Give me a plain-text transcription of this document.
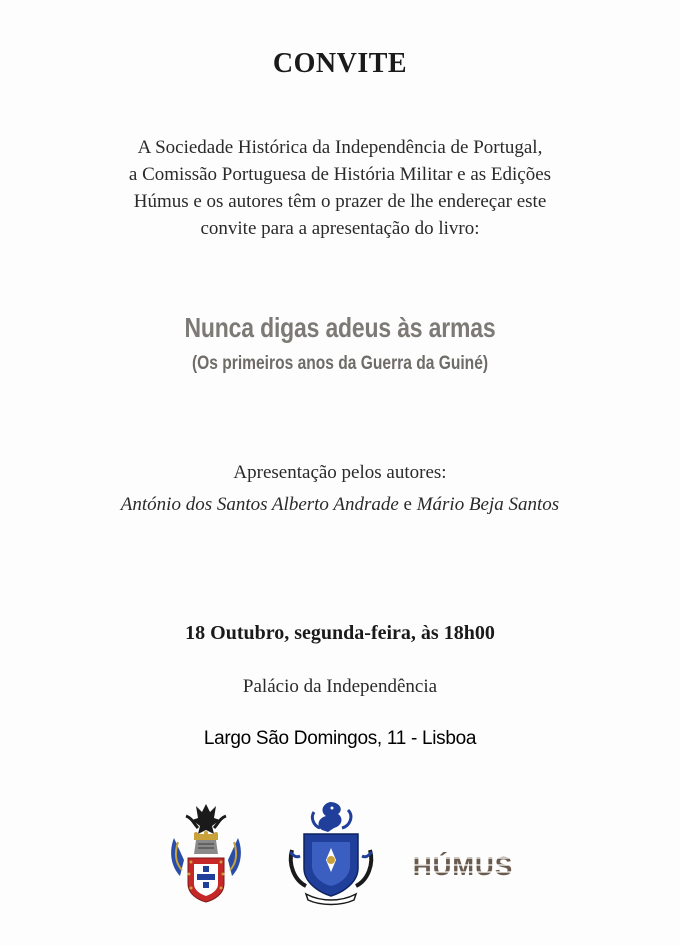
CONVITE
A Sociedade Histórica da Independência de Portugal,
a Comissão Portuguesa de História Militar e as Edições
Húmus e os autores têm o prazer de lhe endereçar este
convite para a apresentação do livro:
Nunca digas adeus às armas
(Os primeiros anos da Guerra da Guiné)
Apresentação pelos autores:
António dos Santos Alberto Andrade e Mário Beja Santos
18 Outubro, segunda-feira, às 18h00
Palácio da Independência
Largo São Domingos, 11 - Lisboa
HÚMUS
